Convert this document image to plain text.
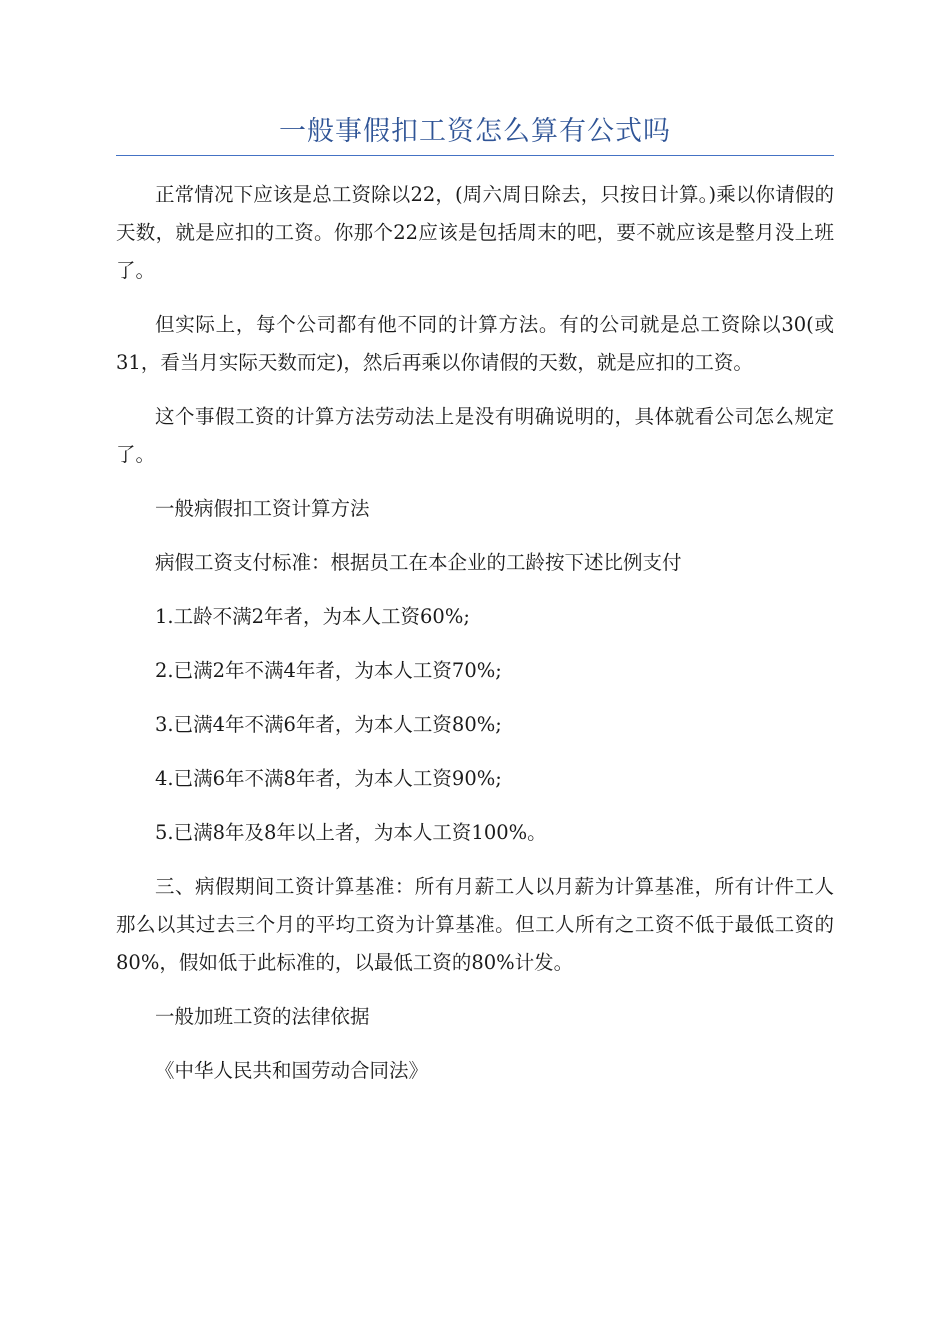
一般事假扣工资怎么算有公式吗

正常情况下应该是总工资除以22，(周六周日除去，只按日计算。)乘以你请假的天数，就是应扣的工资。你那个22应该是包括周末的吧，要不就应该是整月没上班了。

但实际上，每个公司都有他不同的计算方法。有的公司就是总工资除以30(或31，看当月实际天数而定)，然后再乘以你请假的天数，就是应扣的工资。

这个事假工资的计算方法劳动法上是没有明确说明的，具体就看公司怎么规定了。

一般病假扣工资计算方法

病假工资支付标准：根据员工在本企业的工龄按下述比例支付

1.工龄不满2年者，为本人工资60%;

2.已满2年不满4年者，为本人工资70%;

3.已满4年不满6年者，为本人工资80%;

4.已满6年不满8年者，为本人工资90%;

5.已满8年及8年以上者，为本人工资100%。

三、病假期间工资计算基准：所有月薪工人以月薪为计算基准，所有计件工人那么以其过去三个月的平均工资为计算基准。但工人所有之工资不低于最低工资的80%，假如低于此标准的，以最低工资的80%计发。

一般加班工资的法律依据

《中华人民共和国劳动合同法》
